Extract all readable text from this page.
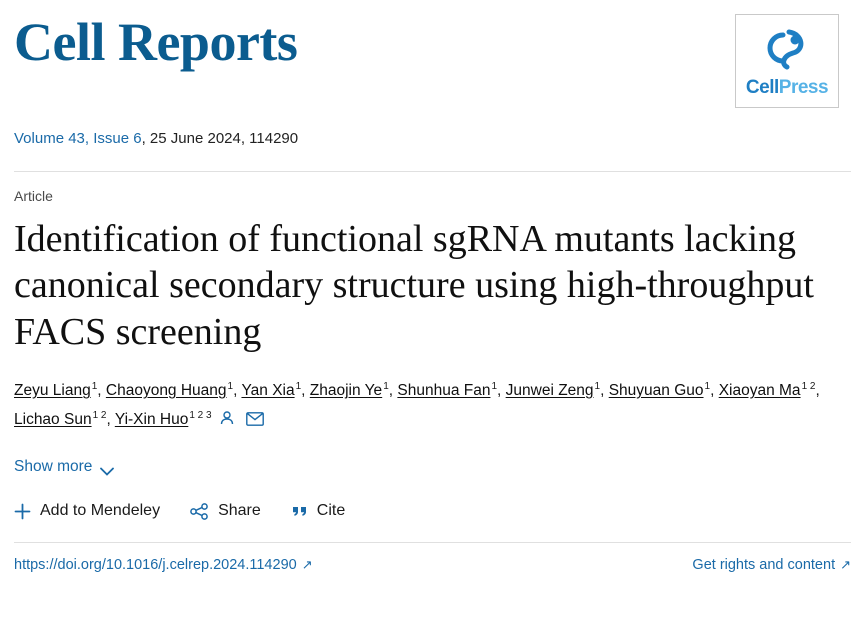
Cell Reports
CellPress
Volume 43, Issue 6, 25 June 2024, 114290
Article
Identification of functional sgRNA mutants lacking canonical secondary structure using high-throughput FACS screening
Zeyu Liang$^1$, Chaoyong Huang$^1$, Yan Xia$^1$, Zhaojin Ye$^1$, Shunhua Fan$^1$, Junwei Zeng$^1$, Shuyuan Guo$^1$, Xiaoyan $Ma^{1 2}$, Lichao Sun$^{1 2}$, Yi-Xin Huo$^{1 2 3}$
Show more
Add to Mendeley	Share	Cite
https://doi.org/10.1016/j.celrep.2024.114290 ↗	Get rights and content ↗
